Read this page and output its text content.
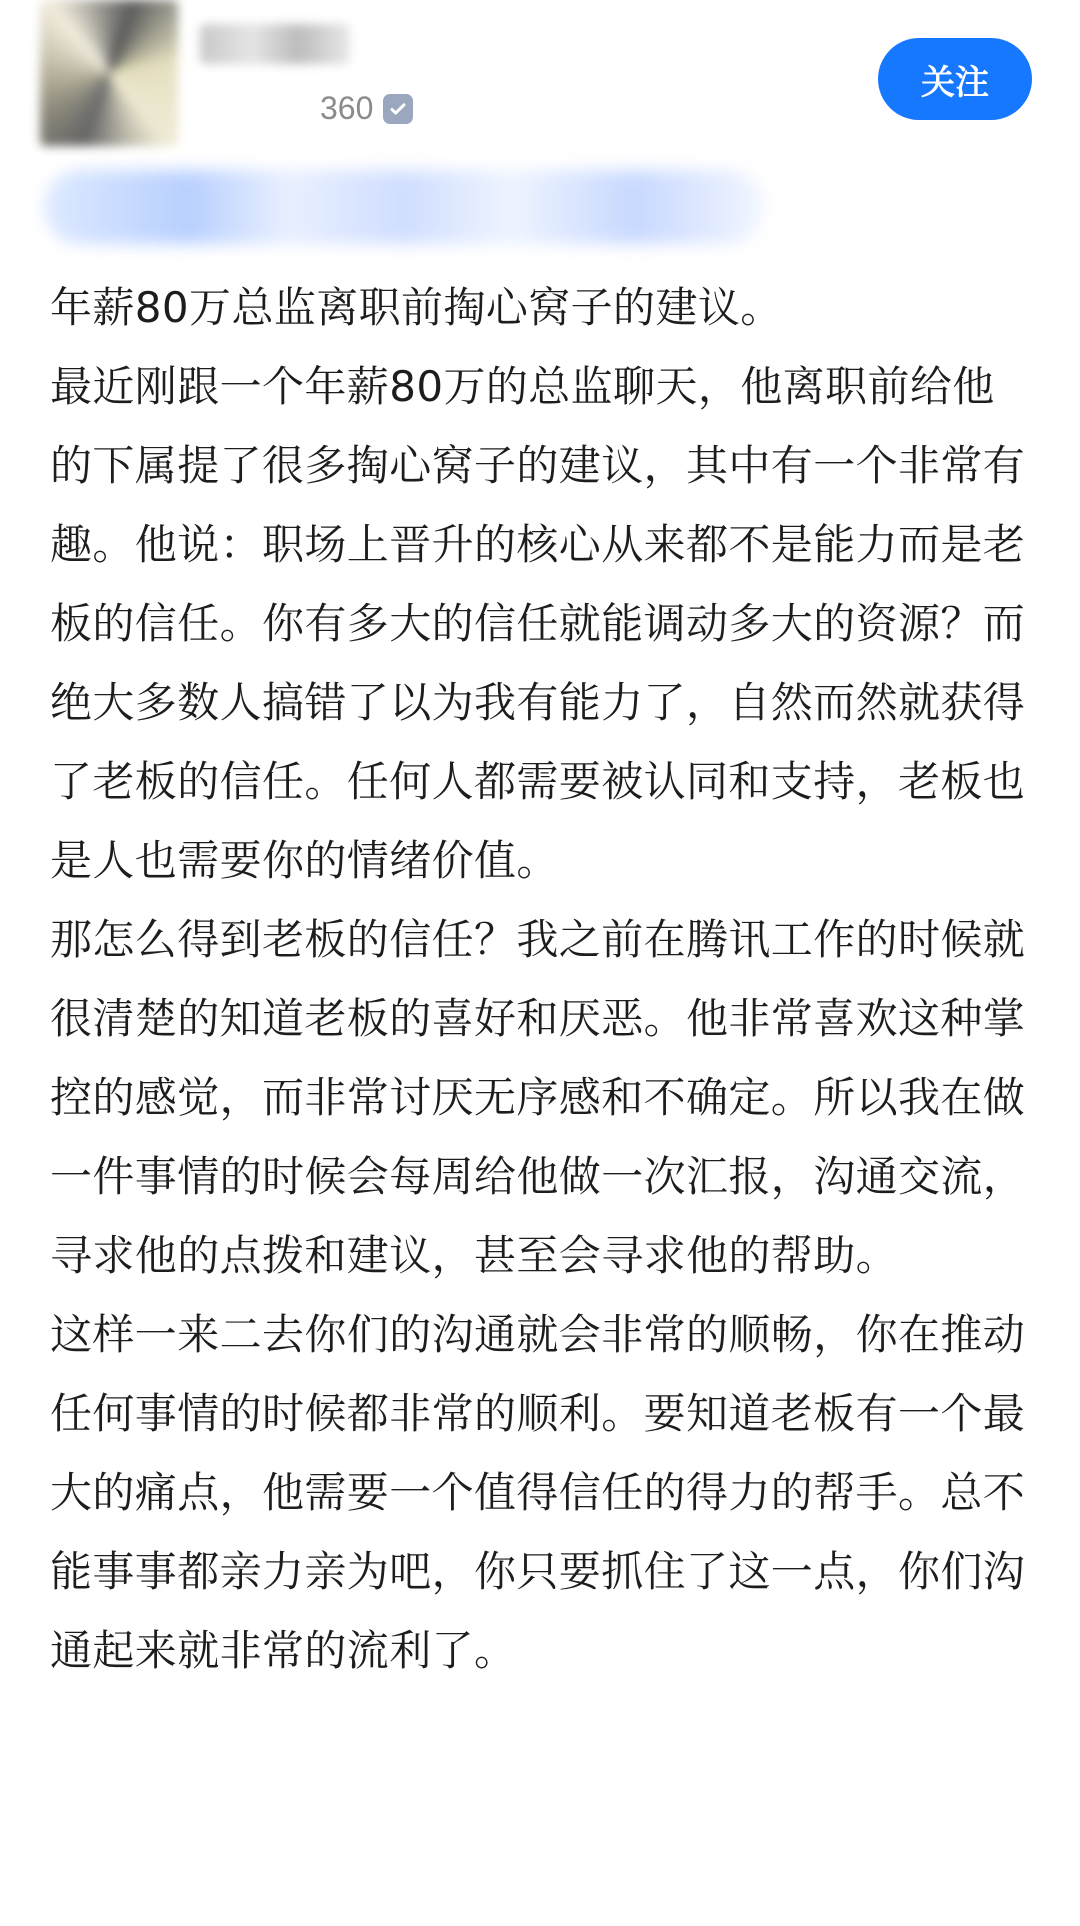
360
关注

年薪80万总监离职前掏心窝子的建议。

最近刚跟一个年薪80万的总监聊天，他离职前给他的下属提了很多掏心窝子的建议，其中有一个非常有趣。他说：职场上晋升的核心从来都不是能力而是老板的信任。你有多大的信任就能调动多大的资源？而绝大多数人搞错了以为我有能力了，自然而然就获得了老板的信任。任何人都需要被认同和支持，老板也是人也需要你的情绪价值。

那怎么得到老板的信任？我之前在腾讯工作的时候就很清楚的知道老板的喜好和厌恶。他非常喜欢这种掌控的感觉，而非常讨厌无序感和不确定。所以我在做一件事情的时候会每周给他做一次汇报，沟通交流，寻求他的点拨和建议，甚至会寻求他的帮助。

这样一来二去你们的沟通就会非常的顺畅，你在推动任何事情的时候都非常的顺利。要知道老板有一个最大的痛点，他需要一个值得信任的得力的帮手。总不能事事都亲力亲为吧，你只要抓住了这一点，你们沟通起来就非常的流利了。
